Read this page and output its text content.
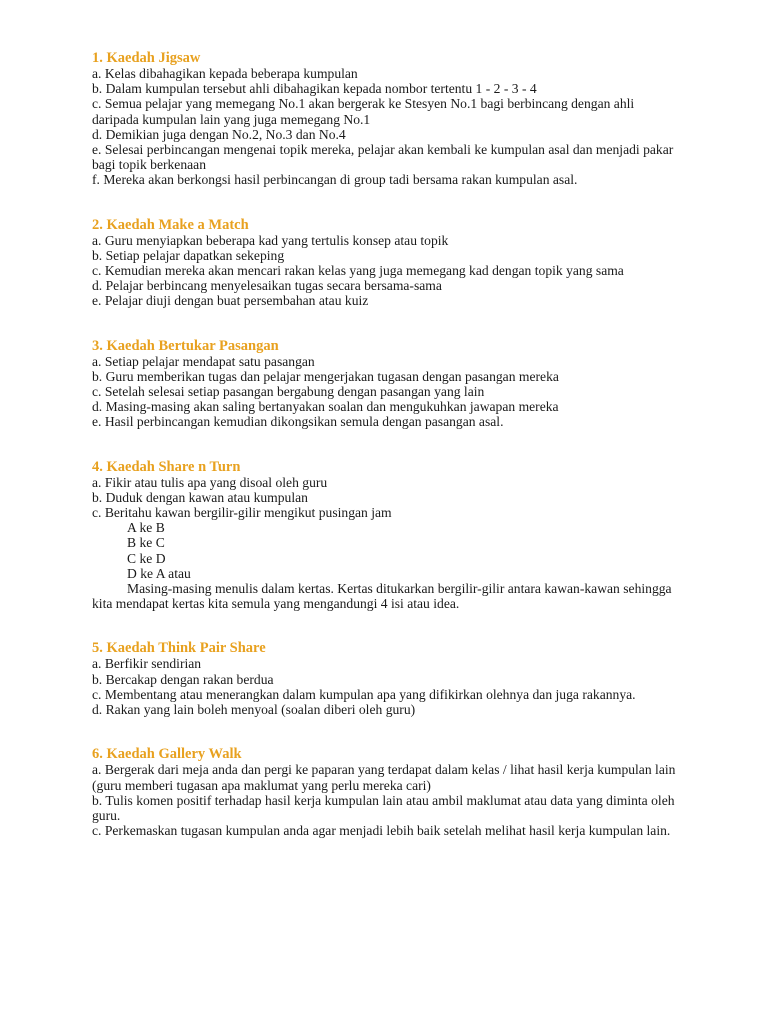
1. Kaedah Jigsaw

a. Kelas dibahagikan kepada beberapa kumpulan

b. Dalam kumpulan tersebut ahli dibahagikan kepada nombor tertentu 1 - 2 - 3 - 4

c. Semua pelajar yang memegang No.1 akan bergerak ke Stesyen No.1 bagi berbincang dengan ahli daripada kumpulan lain yang juga memegang No.1

d. Demikian juga dengan No.2, No.3 dan No.4

e. Selesai perbincangan mengenai topik mereka, pelajar akan kembali ke kumpulan asal dan menjadi pakar bagi topik berkenaan

f. Mereka akan berkongsi hasil perbincangan di group tadi bersama rakan kumpulan asal.

2. Kaedah Make a Match

a. Guru menyiapkan beberapa kad yang tertulis konsep atau topik

b. Setiap pelajar dapatkan sekeping

c. Kemudian mereka akan mencari rakan kelas yang juga memegang kad dengan topik yang sama

d. Pelajar berbincang menyelesaikan tugas secara bersama-sama

e. Pelajar diuji dengan buat persembahan atau kuiz

3. Kaedah Bertukar Pasangan

a. Setiap pelajar mendapat satu pasangan

b. Guru memberikan tugas dan pelajar mengerjakan tugasan dengan pasangan mereka

c. Setelah selesai setiap pasangan bergabung dengan pasangan yang lain

d. Masing-masing akan saling bertanyakan soalan dan mengukuhkan jawapan mereka

e. Hasil perbincangan kemudian dikongsikan semula dengan pasangan asal.

4. Kaedah Share n Turn

a. Fikir atau tulis apa yang disoal oleh guru

b. Duduk dengan kawan atau kumpulan

c. Beritahu kawan bergilir-gilir mengikut pusingan jam

A ke B

B ke C

C ke D

D ke A atau

Masing-masing menulis dalam kertas. Kertas ditukarkan bergilir-gilir antara kawan-kawan sehingga kita mendapat kertas kita semula yang mengandungi 4 isi atau idea.

5. Kaedah Think Pair Share

a. Berfikir sendirian

b. Bercakap dengan rakan berdua

c. Membentang atau menerangkan dalam kumpulan apa yang difikirkan olehnya dan juga rakannya.

d. Rakan yang lain boleh menyoal (soalan diberi oleh guru)

6. Kaedah Gallery Walk

a. Bergerak dari meja anda dan pergi ke paparan yang terdapat dalam kelas / lihat hasil kerja kumpulan lain (guru memberi tugasan apa maklumat yang perlu mereka cari)

b. Tulis komen positif terhadap hasil kerja kumpulan lain atau ambil maklumat atau data yang diminta oleh guru.

c. Perkemaskan tugasan kumpulan anda agar menjadi lebih baik setelah melihat hasil kerja kumpulan lain.
